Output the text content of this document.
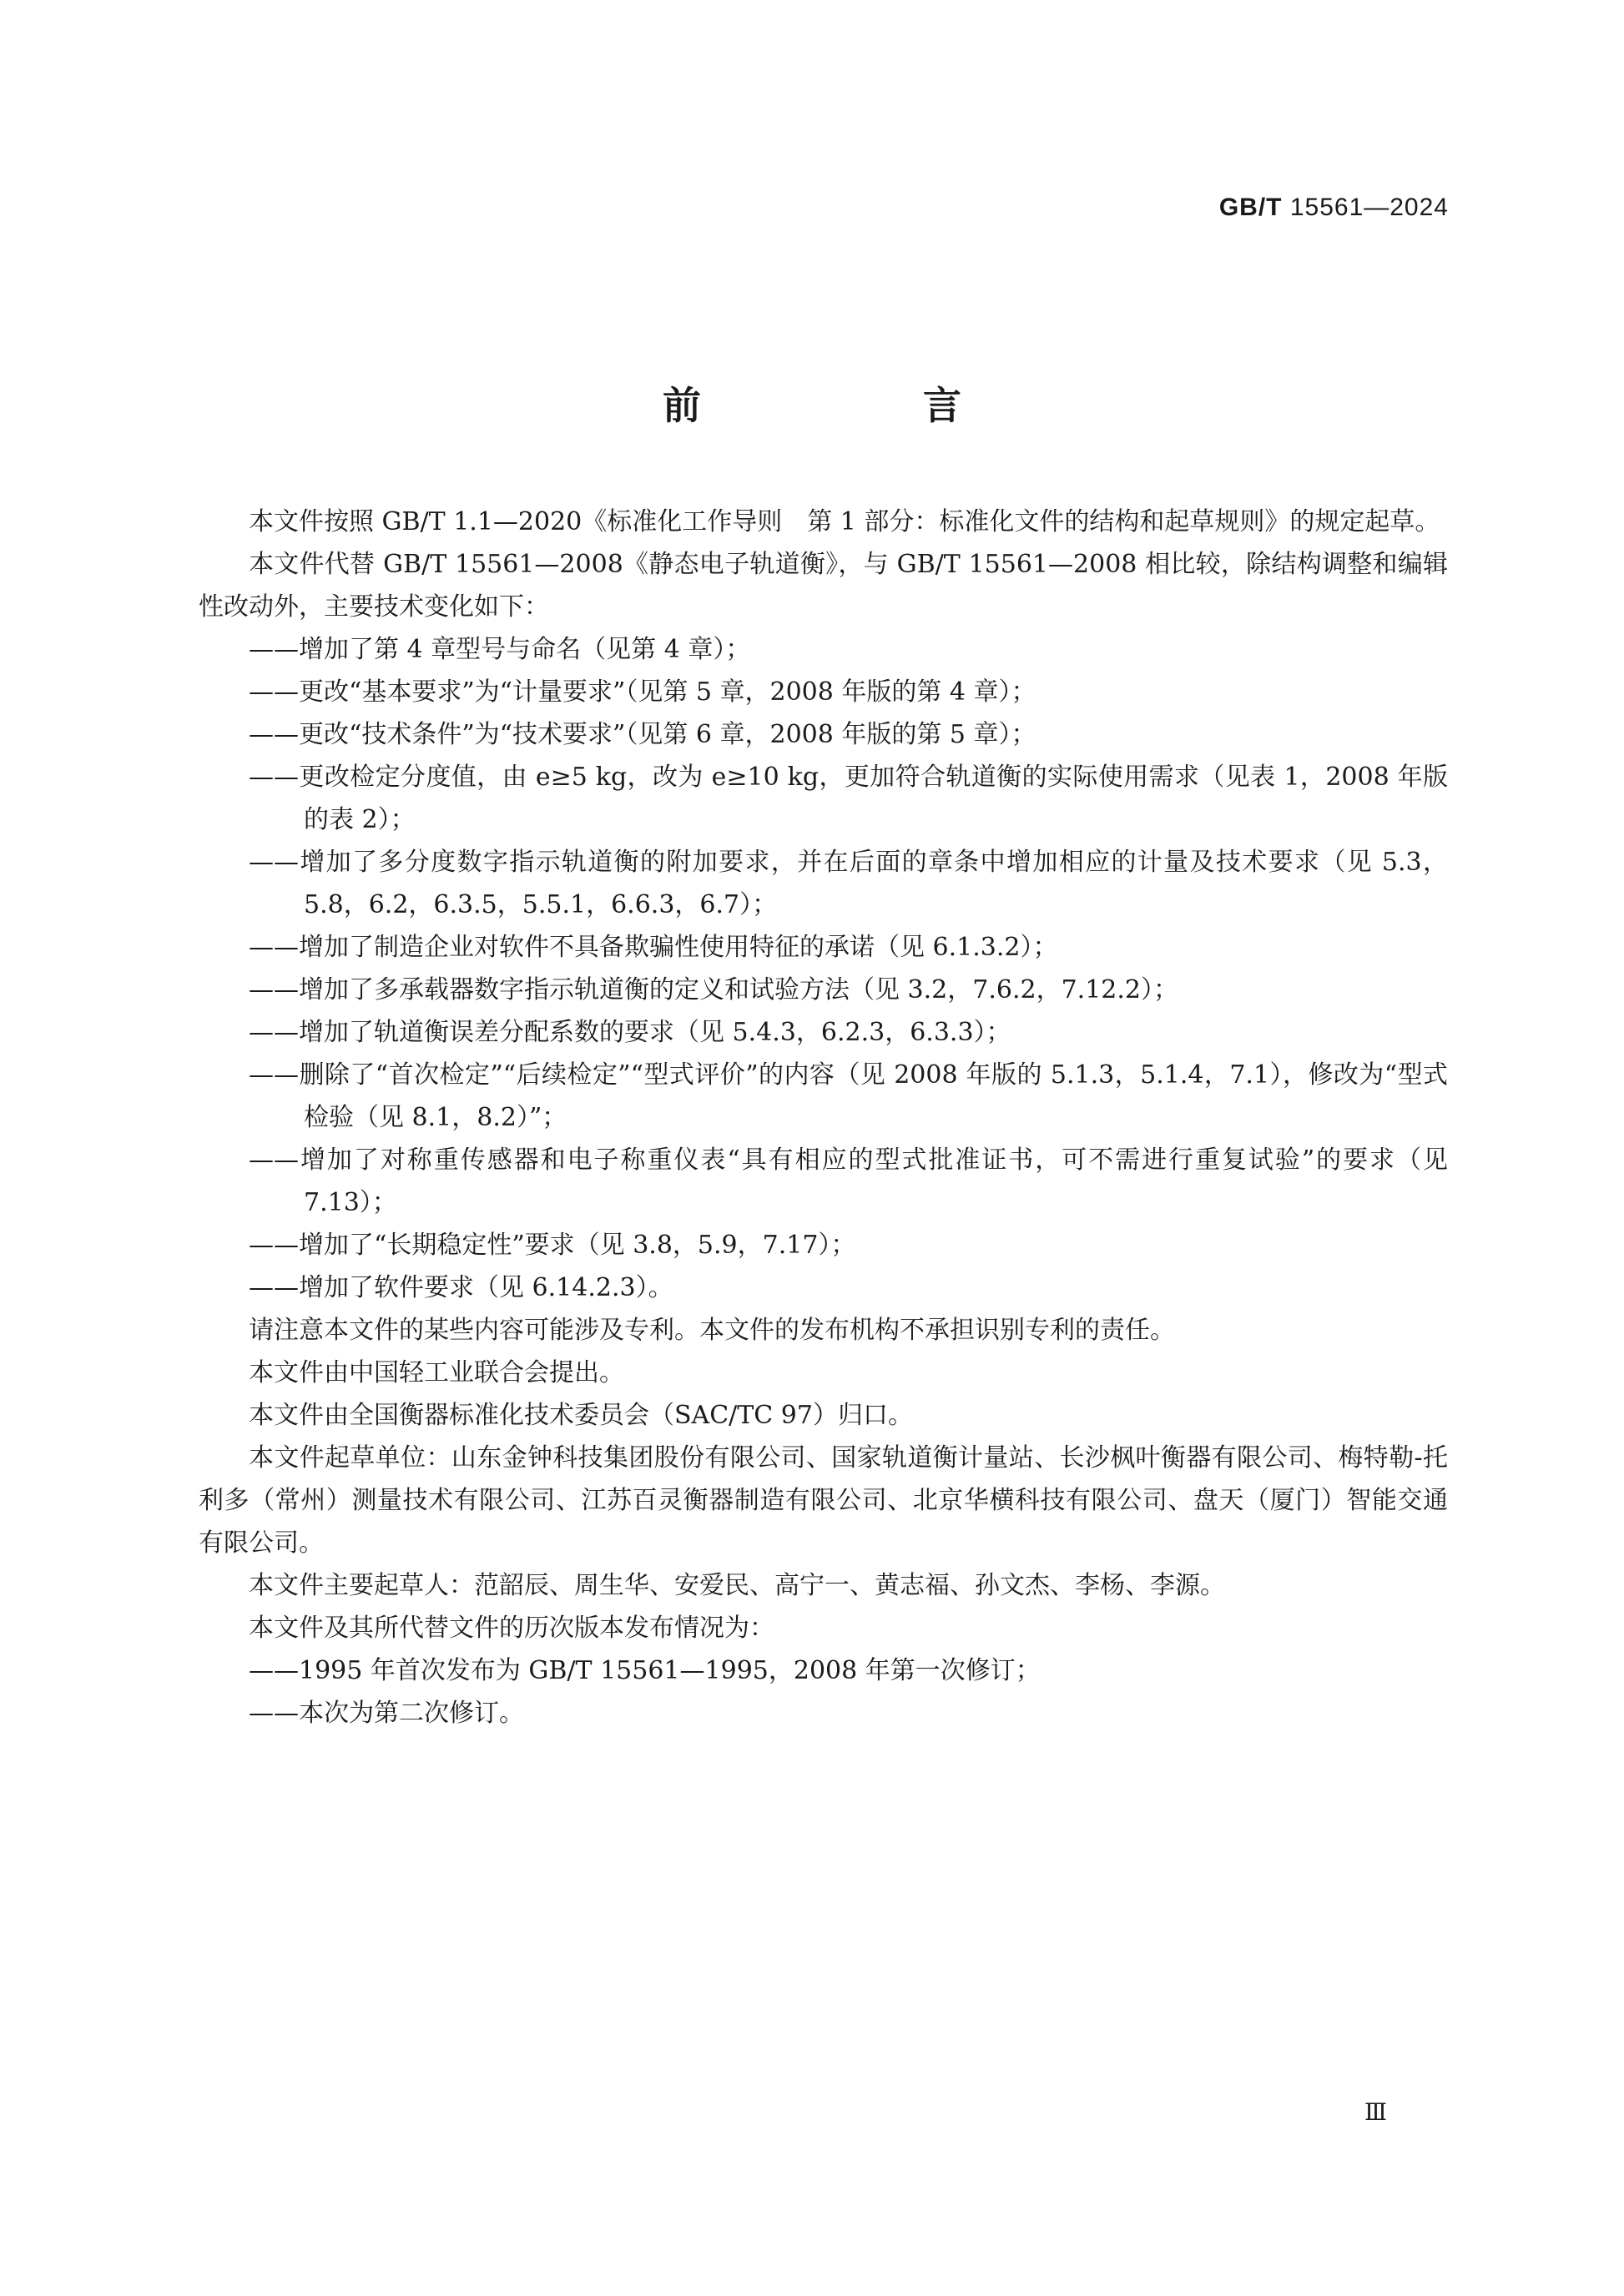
GB/T 15561—2024
前　言

本文件按照 GB/T 1.1—2020《标准化工作导则　第 1 部分：标准化文件的结构和起草规则》的规定起草。

本文件代替 GB/T 15561—2008《静态电子轨道衡》，与 GB/T 15561—2008 相比较，除结构调整和编辑性改动外，主要技术变化如下：

——增加了第 4 章型号与命名（见第 4 章）；

——更改“基本要求”为“计量要求”（见第 5 章，2008 年版的第 4 章）；

——更改“技术条件”为“技术要求”（见第 6 章，2008 年版的第 5 章）；

——更改检定分度值，由 e≥5 kg，改为 e≥10 kg，更加符合轨道衡的实际使用需求（见表 1，2008 年版的表 2）；

——增加了多分度数字指示轨道衡的附加要求，并在后面的章条中增加相应的计量及技术要求（见 5.3，5.8，6.2，6.3.5，5.5.1，6.6.3，6.7）；

——增加了制造企业对软件不具备欺骗性使用特征的承诺（见 6.1.3.2）；

——增加了多承载器数字指示轨道衡的定义和试验方法（见 3.2，7.6.2，7.12.2）；

——增加了轨道衡误差分配系数的要求（见 5.4.3，6.2.3，6.3.3）；

——删除了“首次检定”“后续检定”“型式评价”的内容（见 2008 年版的 5.1.3，5.1.4，7.1），修改为“型式检验（见 8.1，8.2）”；

——增加了对称重传感器和电子称重仪表“具有相应的型式批准证书，可不需进行重复试验”的要求（见 7.13）；

——增加了“长期稳定性”要求（见 3.8，5.9，7.17）；

——增加了软件要求（见 6.14.2.3）。

请注意本文件的某些内容可能涉及专利。本文件的发布机构不承担识别专利的责任。

本文件由中国轻工业联合会提出。

本文件由全国衡器标准化技术委员会（SAC/TC 97）归口。

本文件起草单位：山东金钟科技集团股份有限公司、国家轨道衡计量站、长沙枫叶衡器有限公司、梅特勒-托利多（常州）测量技术有限公司、江苏百灵衡器制造有限公司、北京华横科技有限公司、盘天（厦门）智能交通有限公司。

本文件主要起草人：范韶辰、周生华、安爱民、高宁一、黄志福、孙文杰、李杨、李源。

本文件及其所代替文件的历次版本发布情况为：

——1995 年首次发布为 GB/T 15561—1995，2008 年第一次修订；

——本次为第二次修订。

Ⅲ
